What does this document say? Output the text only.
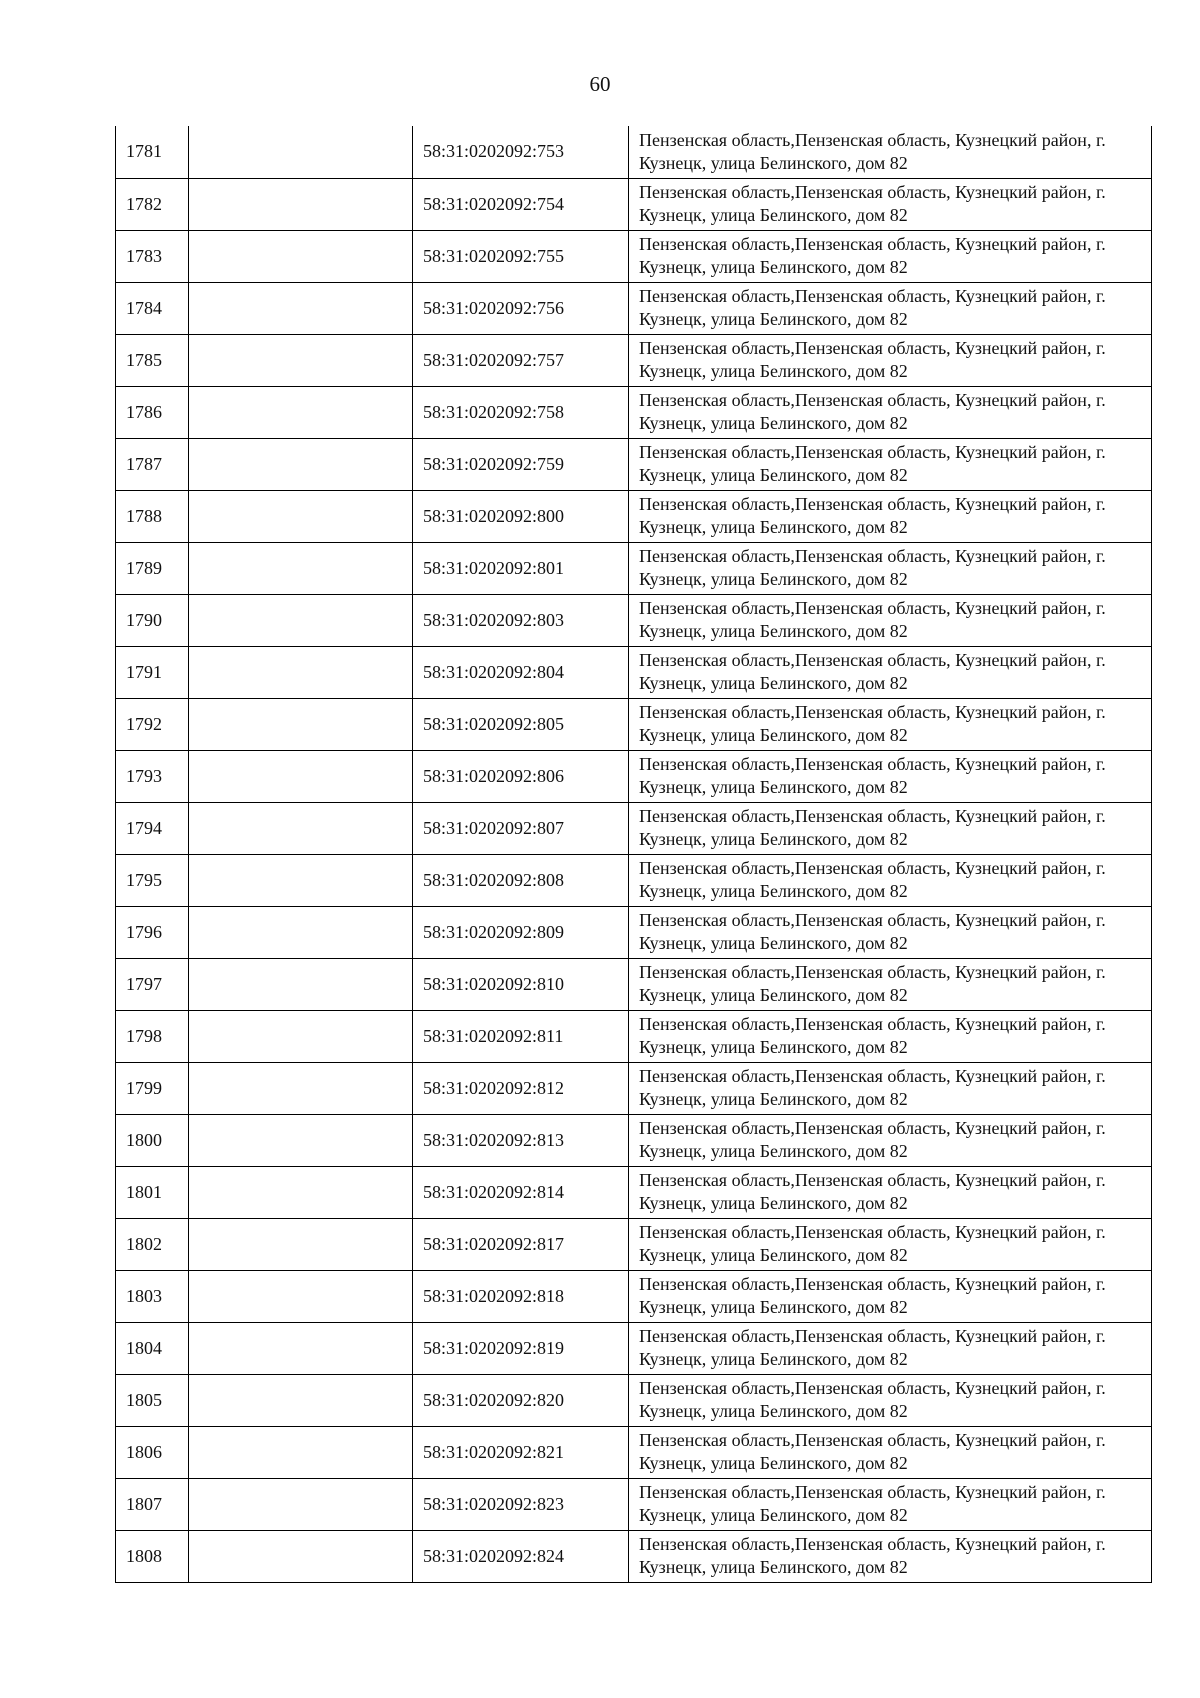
60
1781		58:31:0202092:753	Пензенская область,Пензенская область, Кузнецкий район, г. Кузнецк, улица Белинского, дом 82
1782		58:31:0202092:754	Пензенская область,Пензенская область, Кузнецкий район, г. Кузнецк, улица Белинского, дом 82
1783		58:31:0202092:755	Пензенская область,Пензенская область, Кузнецкий район, г. Кузнецк, улица Белинского, дом 82
1784		58:31:0202092:756	Пензенская область,Пензенская область, Кузнецкий район, г. Кузнецк, улица Белинского, дом 82
1785		58:31:0202092:757	Пензенская область,Пензенская область, Кузнецкий район, г. Кузнецк, улица Белинского, дом 82
1786		58:31:0202092:758	Пензенская область,Пензенская область, Кузнецкий район, г. Кузнецк, улица Белинского, дом 82
1787		58:31:0202092:759	Пензенская область,Пензенская область, Кузнецкий район, г. Кузнецк, улица Белинского, дом 82
1788		58:31:0202092:800	Пензенская область,Пензенская область, Кузнецкий район, г. Кузнецк, улица Белинского, дом 82
1789		58:31:0202092:801	Пензенская область,Пензенская область, Кузнецкий район, г. Кузнецк, улица Белинского, дом 82
1790		58:31:0202092:803	Пензенская область,Пензенская область, Кузнецкий район, г. Кузнецк, улица Белинского, дом 82
1791		58:31:0202092:804	Пензенская область,Пензенская область, Кузнецкий район, г. Кузнецк, улица Белинского, дом 82
1792		58:31:0202092:805	Пензенская область,Пензенская область, Кузнецкий район, г. Кузнецк, улица Белинского, дом 82
1793		58:31:0202092:806	Пензенская область,Пензенская область, Кузнецкий район, г. Кузнецк, улица Белинского, дом 82
1794		58:31:0202092:807	Пензенская область,Пензенская область, Кузнецкий район, г. Кузнецк, улица Белинского, дом 82
1795		58:31:0202092:808	Пензенская область,Пензенская область, Кузнецкий район, г. Кузнецк, улица Белинского, дом 82
1796		58:31:0202092:809	Пензенская область,Пензенская область, Кузнецкий район, г. Кузнецк, улица Белинского, дом 82
1797		58:31:0202092:810	Пензенская область,Пензенская область, Кузнецкий район, г. Кузнецк, улица Белинского, дом 82
1798		58:31:0202092:811	Пензенская область,Пензенская область, Кузнецкий район, г. Кузнецк, улица Белинского, дом 82
1799		58:31:0202092:812	Пензенская область,Пензенская область, Кузнецкий район, г. Кузнецк, улица Белинского, дом 82
1800		58:31:0202092:813	Пензенская область,Пензенская область, Кузнецкий район, г. Кузнецк, улица Белинского, дом 82
1801		58:31:0202092:814	Пензенская область,Пензенская область, Кузнецкий район, г. Кузнецк, улица Белинского, дом 82
1802		58:31:0202092:817	Пензенская область,Пензенская область, Кузнецкий район, г. Кузнецк, улица Белинского, дом 82
1803		58:31:0202092:818	Пензенская область,Пензенская область, Кузнецкий район, г. Кузнецк, улица Белинского, дом 82
1804		58:31:0202092:819	Пензенская область,Пензенская область, Кузнецкий район, г. Кузнецк, улица Белинского, дом 82
1805		58:31:0202092:820	Пензенская область,Пензенская область, Кузнецкий район, г. Кузнецк, улица Белинского, дом 82
1806		58:31:0202092:821	Пензенская область,Пензенская область, Кузнецкий район, г. Кузнецк, улица Белинского, дом 82
1807		58:31:0202092:823	Пензенская область,Пензенская область, Кузнецкий район, г. Кузнецк, улица Белинского, дом 82
1808		58:31:0202092:824	Пензенская область,Пензенская область, Кузнецкий район, г. Кузнецк, улица Белинского, дом 82
